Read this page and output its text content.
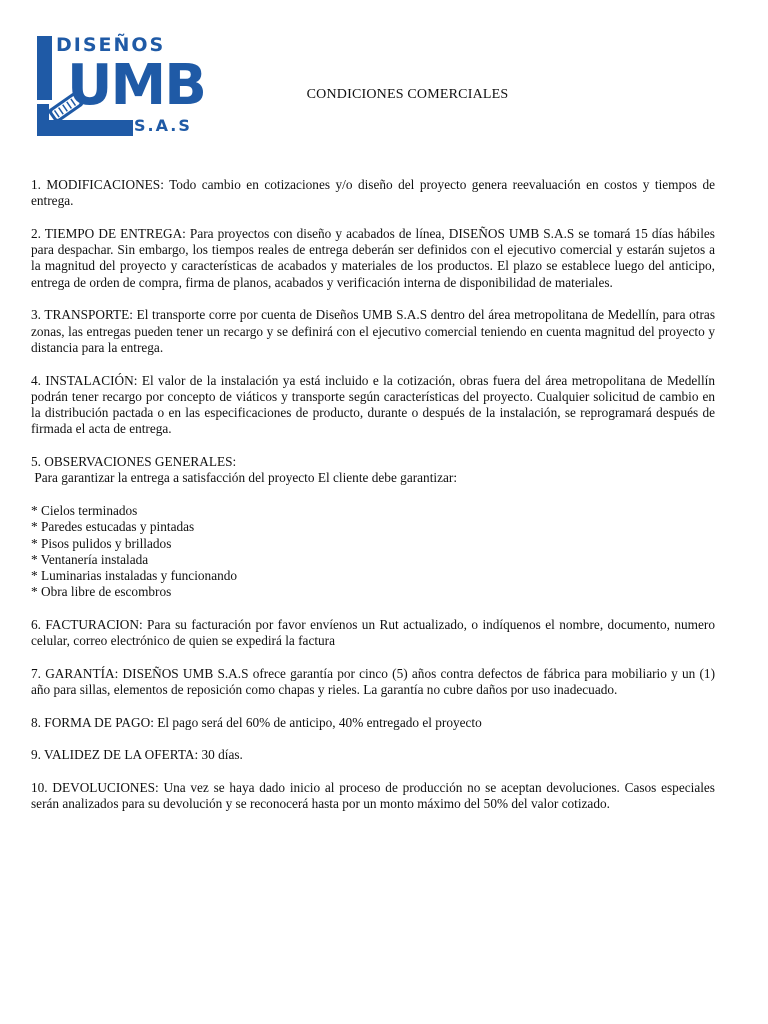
DISEÑOS
UMB
S.A.S
CONDICIONES COMERCIALES

1. MODIFICACIONES: Todo cambio en cotizaciones y/o diseño del proyecto genera reevaluación en costos y tiempos de entrega.

2. TIEMPO DE ENTREGA: Para proyectos con diseño y acabados de línea, DISEÑOS UMB S.A.S se tomará 15 días hábiles para despachar. Sin embargo, los tiempos reales de entrega deberán ser definidos con el ejecutivo comercial y estarán sujetos a la magnitud del proyecto y características de acabados y materiales de los productos. El plazo se establece luego del anticipo, entrega de orden de compra, firma de planos, acabados y verificación interna de disponibilidad de materiales.

3. TRANSPORTE: El transporte corre por cuenta de Diseños UMB S.A.S dentro del área metropolitana de Medellín, para otras zonas, las entregas pueden tener un recargo y se definirá con el ejecutivo comercial teniendo en cuenta magnitud del proyecto y distancia para la entrega.

4. INSTALACIÓN: El valor de la instalación ya está incluido e la cotización, obras fuera del área metropolitana de Medellín podrán tener recargo por concepto de viáticos y transporte según características del proyecto. Cualquier solicitud de cambio en la distribución pactada o en las especificaciones de producto, durante o después de la instalación, se reprogramará después de firmada el acta de entrega.

5. OBSERVACIONES GENERALES:

Para garantizar la entrega a satisfacción del proyecto El cliente debe garantizar:

* Cielos terminados
* Paredes estucadas y pintadas
* Pisos pulidos y brillados
* Ventanería instalada
* Luminarias instaladas y funcionando
* Obra libre de escombros

6. FACTURACION: Para su facturación por favor envíenos un Rut actualizado, o indíquenos el nombre, documento, numero celular, correo electrónico de quien se expedirá la factura

7. GARANTÍA: DISEÑOS UMB S.A.S ofrece garantía por cinco (5) años contra defectos de fábrica para mobiliario y un (1) año para sillas, elementos de reposición como chapas y rieles. La garantía no cubre daños por uso inadecuado.

8. FORMA DE PAGO: El pago será del 60% de anticipo, 40% entregado el proyecto

9. VALIDEZ DE LA OFERTA: 30 días.

10. DEVOLUCIONES: Una vez se haya dado inicio al proceso de producción no se aceptan devoluciones. Casos especiales serán analizados para su devolución y se reconocerá hasta por un monto máximo del 50% del valor cotizado.
